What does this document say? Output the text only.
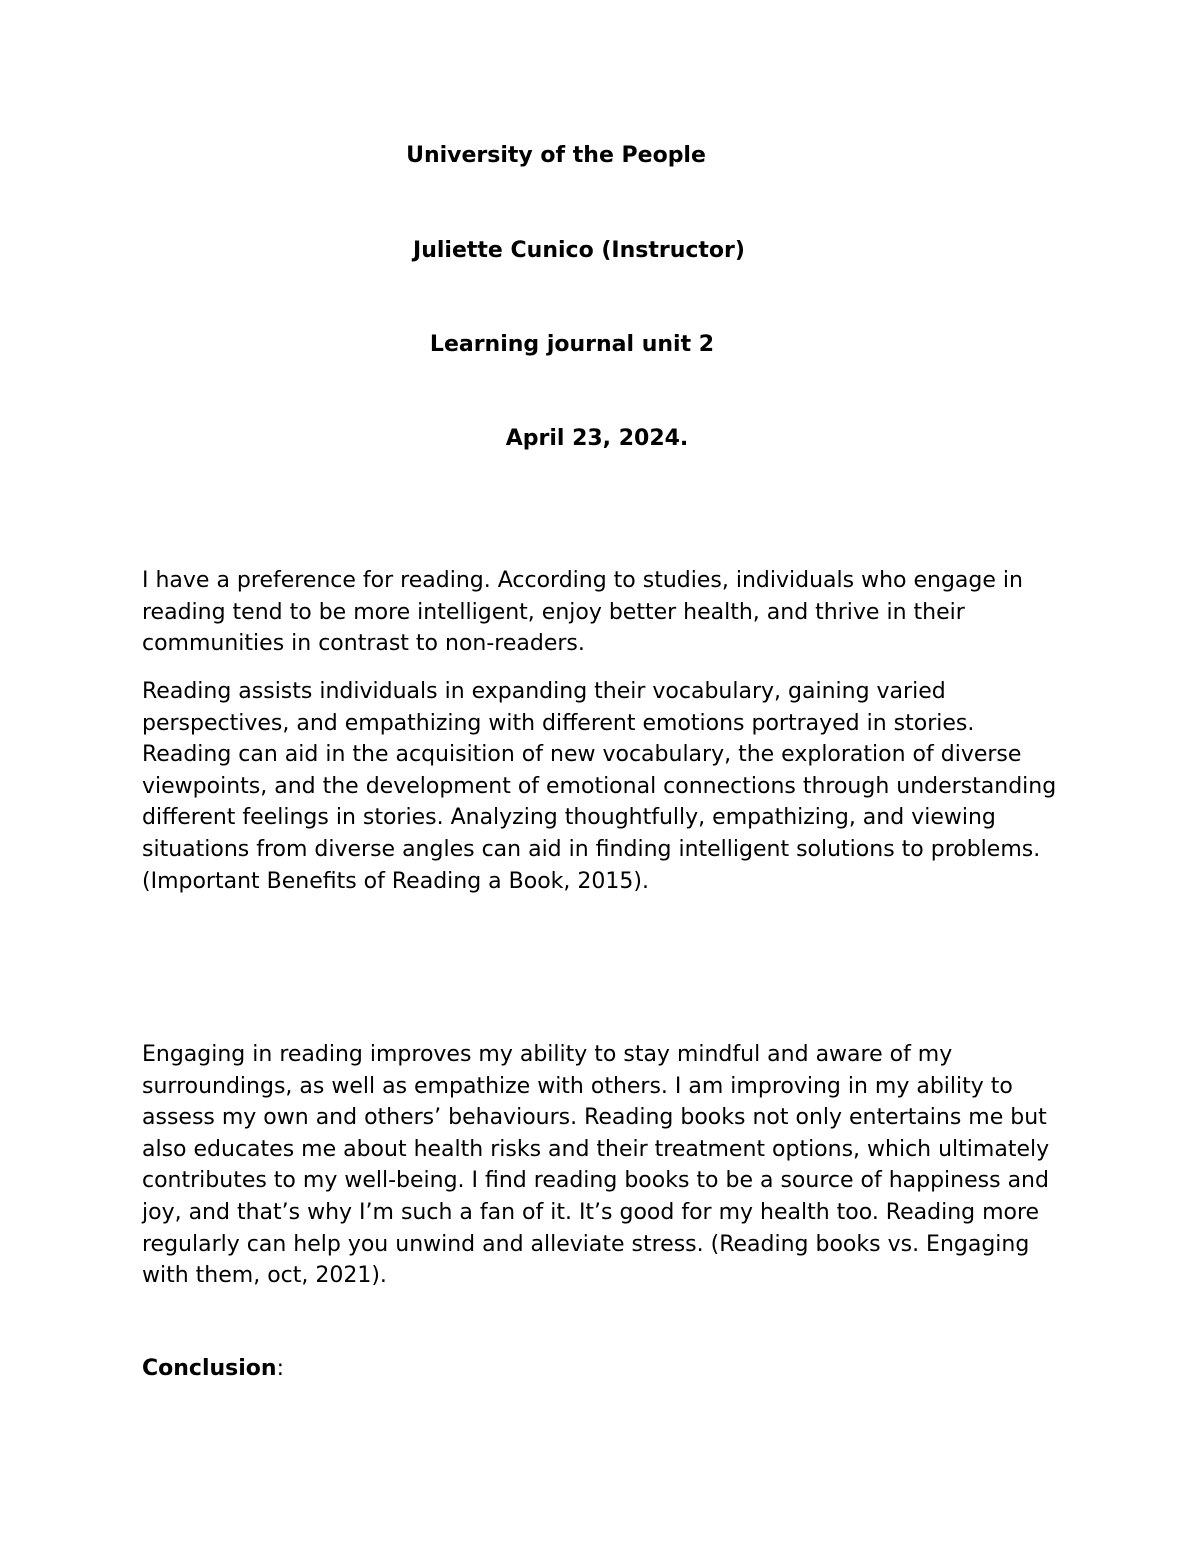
University of the People

Juliette Cunico (Instructor)

Learning journal unit 2

April 23, 2024.

I have a preference for reading. According to studies, individuals who engage in reading tend to be more intelligent, enjoy better health, and thrive in their communities in contrast to non-readers.

Reading assists individuals in expanding their vocabulary, gaining varied perspectives, and empathizing with different emotions portrayed in stories. Reading can aid in the acquisition of new vocabulary, the exploration of diverse viewpoints, and the development of emotional connections through understanding different feelings in stories. Analyzing thoughtfully, empathizing, and viewing situations from diverse angles can aid in finding intelligent solutions to problems. (Important Benefits of Reading a Book, 2015).

Engaging in reading improves my ability to stay mindful and aware of my surroundings, as well as empathize with others. I am improving in my ability to assess my own and others’ behaviours. Reading books not only entertains me but also educates me about health risks and their treatment options, which ultimately contributes to my well-being. I find reading books to be a source of happiness and joy, and that’s why I’m such a fan of it. It’s good for my health too. Reading more regularly can help you unwind and alleviate stress. (Reading books vs. Engaging with them, oct, 2021).

Conclusion:
